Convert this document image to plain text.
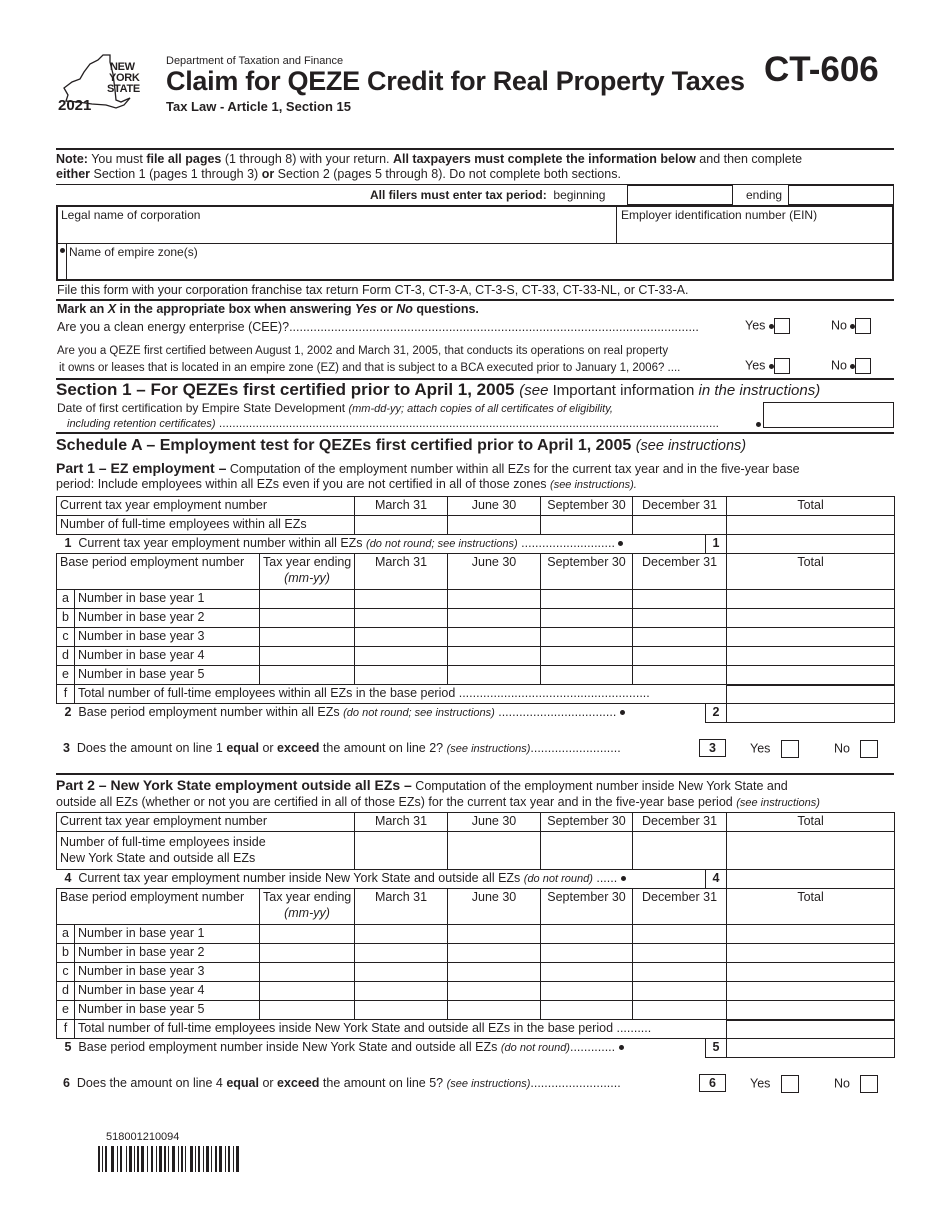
2021
NEW
YORK
STATE
Department of Taxation and Finance
Claim for QEZE Credit for Real Property Taxes
Tax Law - Article 1, Section 15
CT-606
Note: You must file all pages (1 through 8) with your return. All taxpayers must complete the information below and then complete
either Section 1 (pages 1 through 3) or Section 2 (pages 5 through 8). Do not complete both sections.
All filers must enter tax period: beginning	ending
Legal name of corporation	Employer identification number (EIN)
Name of empire zone(s)
File this form with your corporation franchise tax return Form CT-3, CT-3-A, CT-3-S, CT-33, CT-33-NL, or CT-33-A.
Mark an X in the appropriate box when answering Yes or No questions.
Are you a clean energy enterprise (CEE)?......................................................................................................................	Yes	No
Are you a QEZE first certified between August 1, 2002 and March 31, 2005, that conducts its operations on real property
it owns or leases that is located in an empire zone (EZ) and that is subject to a BCA executed prior to January 1, 2006? ....	Yes	No
Section 1 – For QEZEs first certified prior to April 1, 2005 (see Important information in the instructions)
Date of first certification by Empire State Development (mm-dd-yy; attach copies of all certificates of eligibility,
including retention certificates) ......................................................................................................................................................
Schedule A – Employment test for QEZEs first certified prior to April 1, 2005 (see instructions)
Part 1 – EZ employment – Computation of the employment number within all EZs for the current tax year and in the five-year base
period: Include employees within all EZs even if you are not certified in all of those zones (see instructions).
Current tax year employment number			March 31	June 30	September 30	December 31		Total
Number of full-time employees within all EZs								
1 Current tax year employment number within all EZs (do not round; see instructions) ...........................							1	
Base period employment number		Tax year ending
(mm-yy)	March 31	June 30	September 30	December 31		Total
a	Number in base year 1							
b	Number in base year 2							
c	Number in base year 3							
d	Number in base year 4							
e	Number in base year 5							
f	Total number of full-time employees within all EZs in the base period .......................................................							
2 Base period employment number within all EZs (do not round; see instructions) ..................................							2	
3 Does the amount on line 1 equal or exceed the amount on line 2? (see instructions)..........................	3	Yes	No
Part 2 – New York State employment outside all EZs – Computation of the employment number inside New York State and
outside all EZs (whether or not you are certified in all of those EZs) for the current tax year and in the five-year base period (see instructions)
Current tax year employment number			March 31	June 30	September 30	December 31		Total
Number of full-time employees inside
New York State and outside all EZs								
4 Current tax year employment number inside New York State and outside all EZs (do not round) ......							4	
Base period employment number		Tax year ending
(mm-yy)	March 31	June 30	September 30	December 31		Total
a	Number in base year 1							
b	Number in base year 2							
c	Number in base year 3							
d	Number in base year 4							
e	Number in base year 5							
f	Total number of full-time employees inside New York State and outside all EZs in the base period ..........							
5 Base period employment number inside New York State and outside all EZs (do not round).............							5	
6 Does the amount on line 4 equal or exceed the amount on line 5? (see instructions)..........................	6	Yes	No
518001210094
